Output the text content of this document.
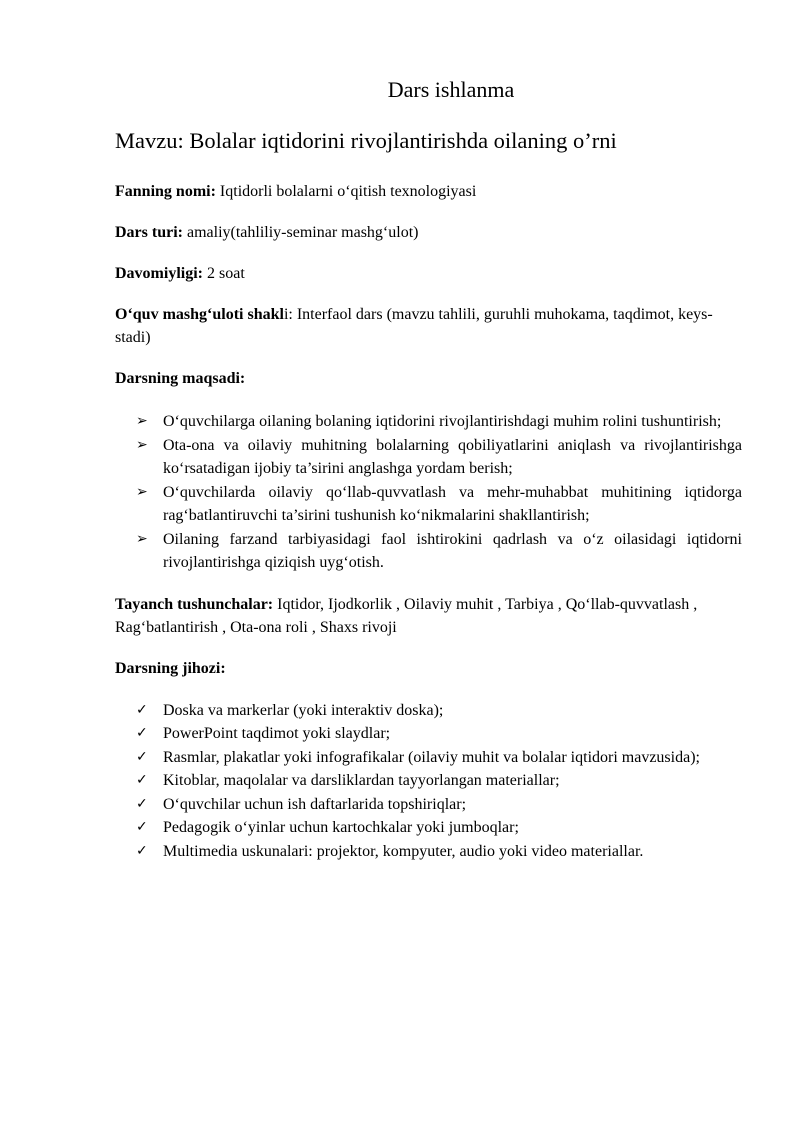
Dars ishlanma
Mavzu: Bolalar iqtidorini rivojlantirishda oilaning o’rni

Fanning nomi: Iqtidorli bolalarni o‘qitish texnologiyasi

Dars turi: amaliy(tahliliy-seminar mashg‘ulot)

Davomiyligi: 2 soat

O‘quv mashg‘uloti shakli: Interfaol dars (mavzu tahlili, guruhli muhokama, taqdimot, keys-stadi)

Darsning maqsadi:

➢ O‘quvchilarga oilaning bolaning iqtidorini rivojlantirishdagi muhim rolini tushuntirish;
➢ Ota-ona va oilaviy muhitning bolalarning qobiliyatlarini aniqlash va rivojlantirishga ko‘rsatadigan ijobiy ta’sirini anglashga yordam berish;
➢ O‘quvchilarda oilaviy qo‘llab-quvvatlash va mehr-muhabbat muhitining iqtidorga rag‘batlantiruvchi ta’sirini tushunish ko‘nikmalarini shakllantirish;
➢ Oilaning farzand tarbiyasidagi faol ishtirokini qadrlash va o‘z oilasidagi iqtidorni rivojlantirishga qiziqish uyg‘otish.

Tayanch tushunchalar: Iqtidor, Ijodkorlik , Oilaviy muhit , Tarbiya , Qo‘llab-quvvatlash , Rag‘batlantirish , Ota-ona roli , Shaxs rivoji

Darsning jihozi:

✓ Doska va markerlar (yoki interaktiv doska);
✓ PowerPoint taqdimot yoki slaydlar;
✓ Rasmlar, plakatlar yoki infografikalar (oilaviy muhit va bolalar iqtidori mavzusida);
✓ Kitoblar, maqolalar va darsliklardan tayyorlangan materiallar;
✓ O‘quvchilar uchun ish daftarlarida topshiriqlar;
✓ Pedagogik o‘yinlar uchun kartochkalar yoki jumboqlar;
✓ Multimedia uskunalari: projektor, kompyuter, audio yoki video materiallar.
